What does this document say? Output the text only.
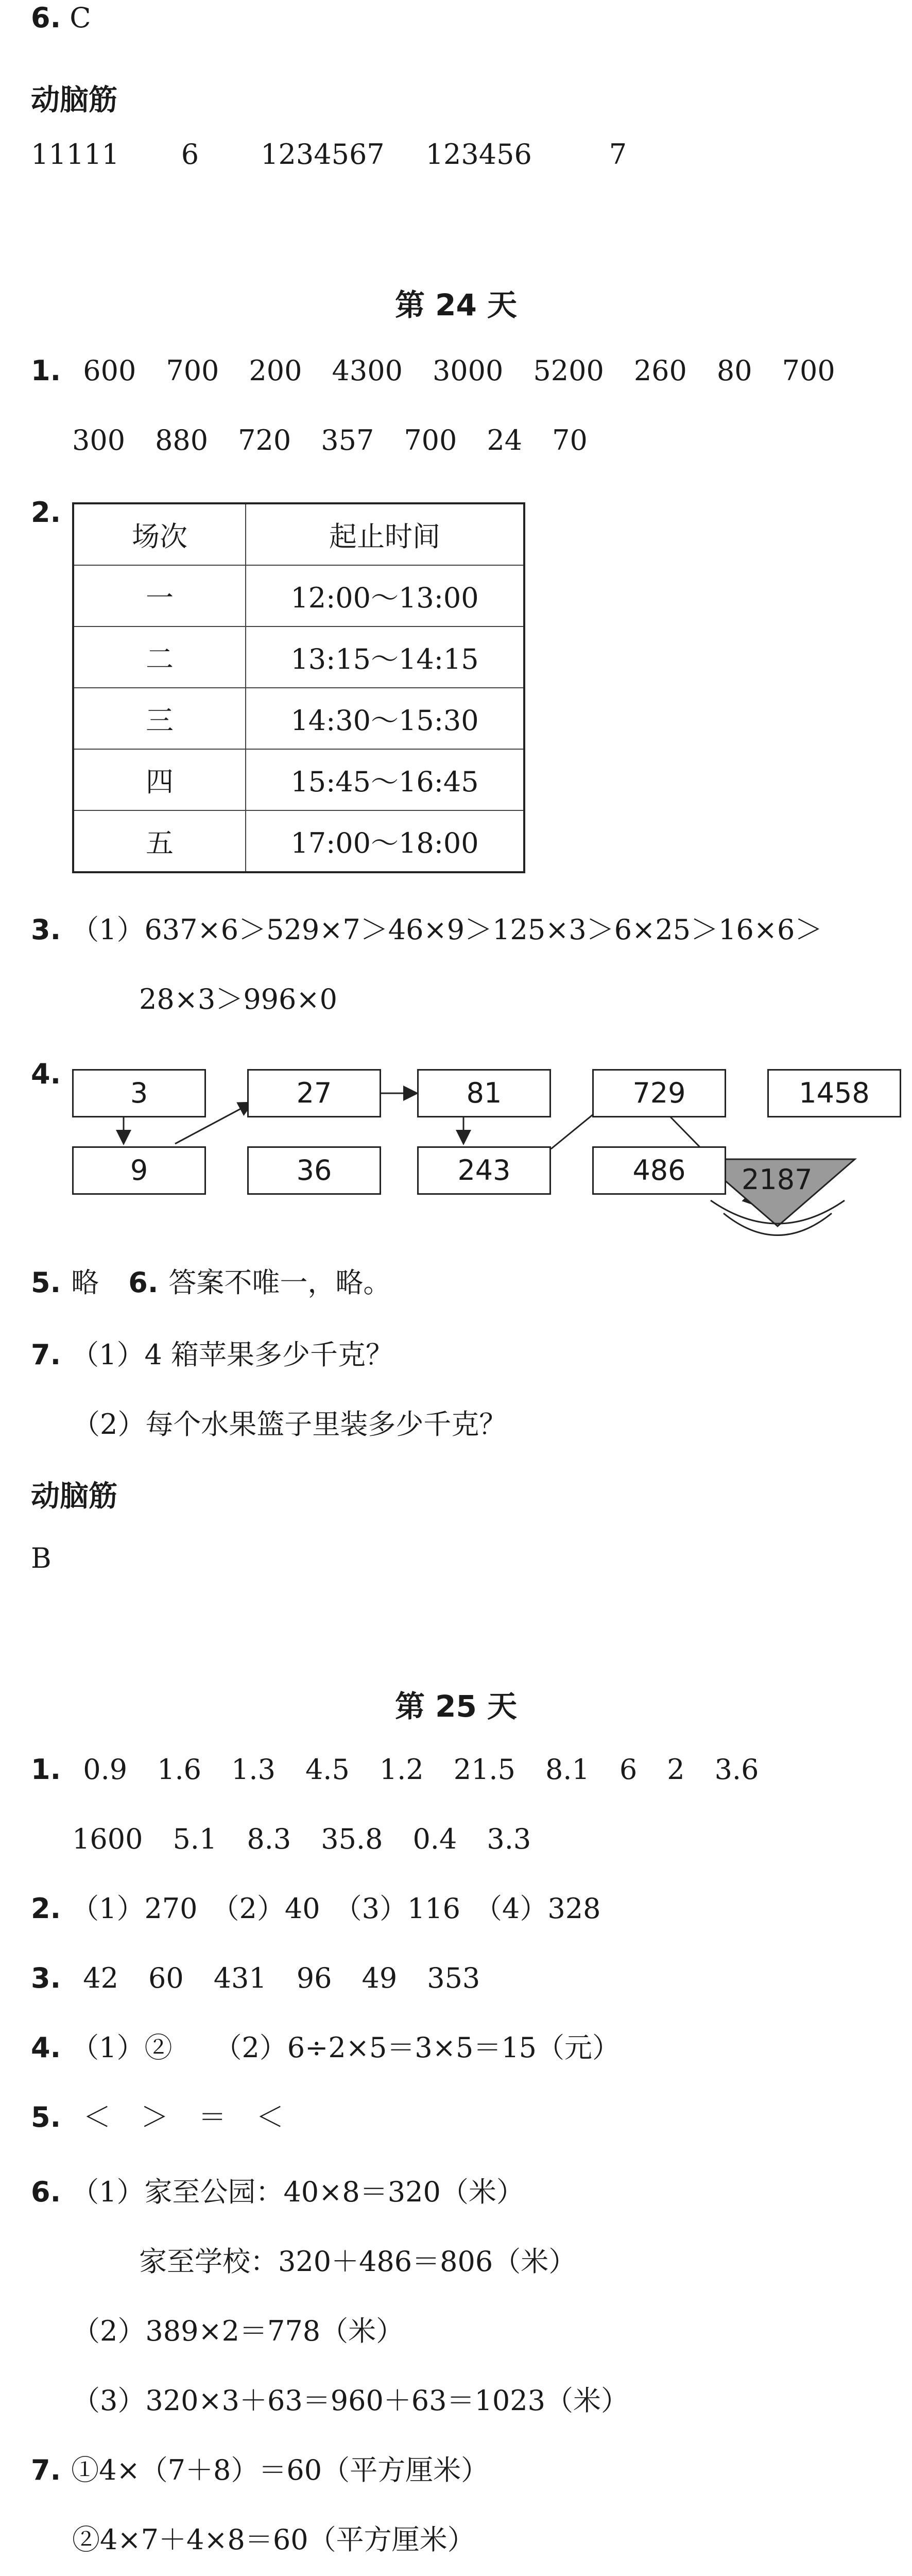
6. C
动脑筋
11111 6 1234567 123456	7
第 24 天
1. 600 700 200 4300 3000 5200 260 80 700
300 880 720 357 700 24 70
2.
场次	起止时间
一	12:00～13:00
二	13:15～14:15
三	14:30～15:30
四	15:45～16:45
五	17:00～18:00
3. （1）637×6＞529×7＞46×9＞125×3＞6×25＞16×6＞
28×3＞996×0
4.
3	27	81	729	1458
9	36	243	486	2187
5. 略 6. 答案不唯一，略。
7. （1）4 箱苹果多少千克？
（2）每个水果篮子里装多少千克？
动脑筋
B
第 25 天
1. 0.9 1.6 1.3 4.5 1.2 21.5 8.1 6 2 3.6
1600 5.1 8.3 35.8 0.4 3.3
2. （1）270　（2）40　（3）116　（4）328
3. 42 60 431 96 49 353
4. （1）②　　（2）6÷2×5＝3×5＝15（元）
5. ＜ ＞ ＝ ＜
6. （1）家至公园：40×8＝320（米）
家至学校：320＋486＝806（米）
（2）389×2＝778（米）
（3）320×3＋63＝960＋63＝1023（米）
7. ①4×（7＋8）＝60（平方厘米）
②4×7＋4×8＝60（平方厘米）
